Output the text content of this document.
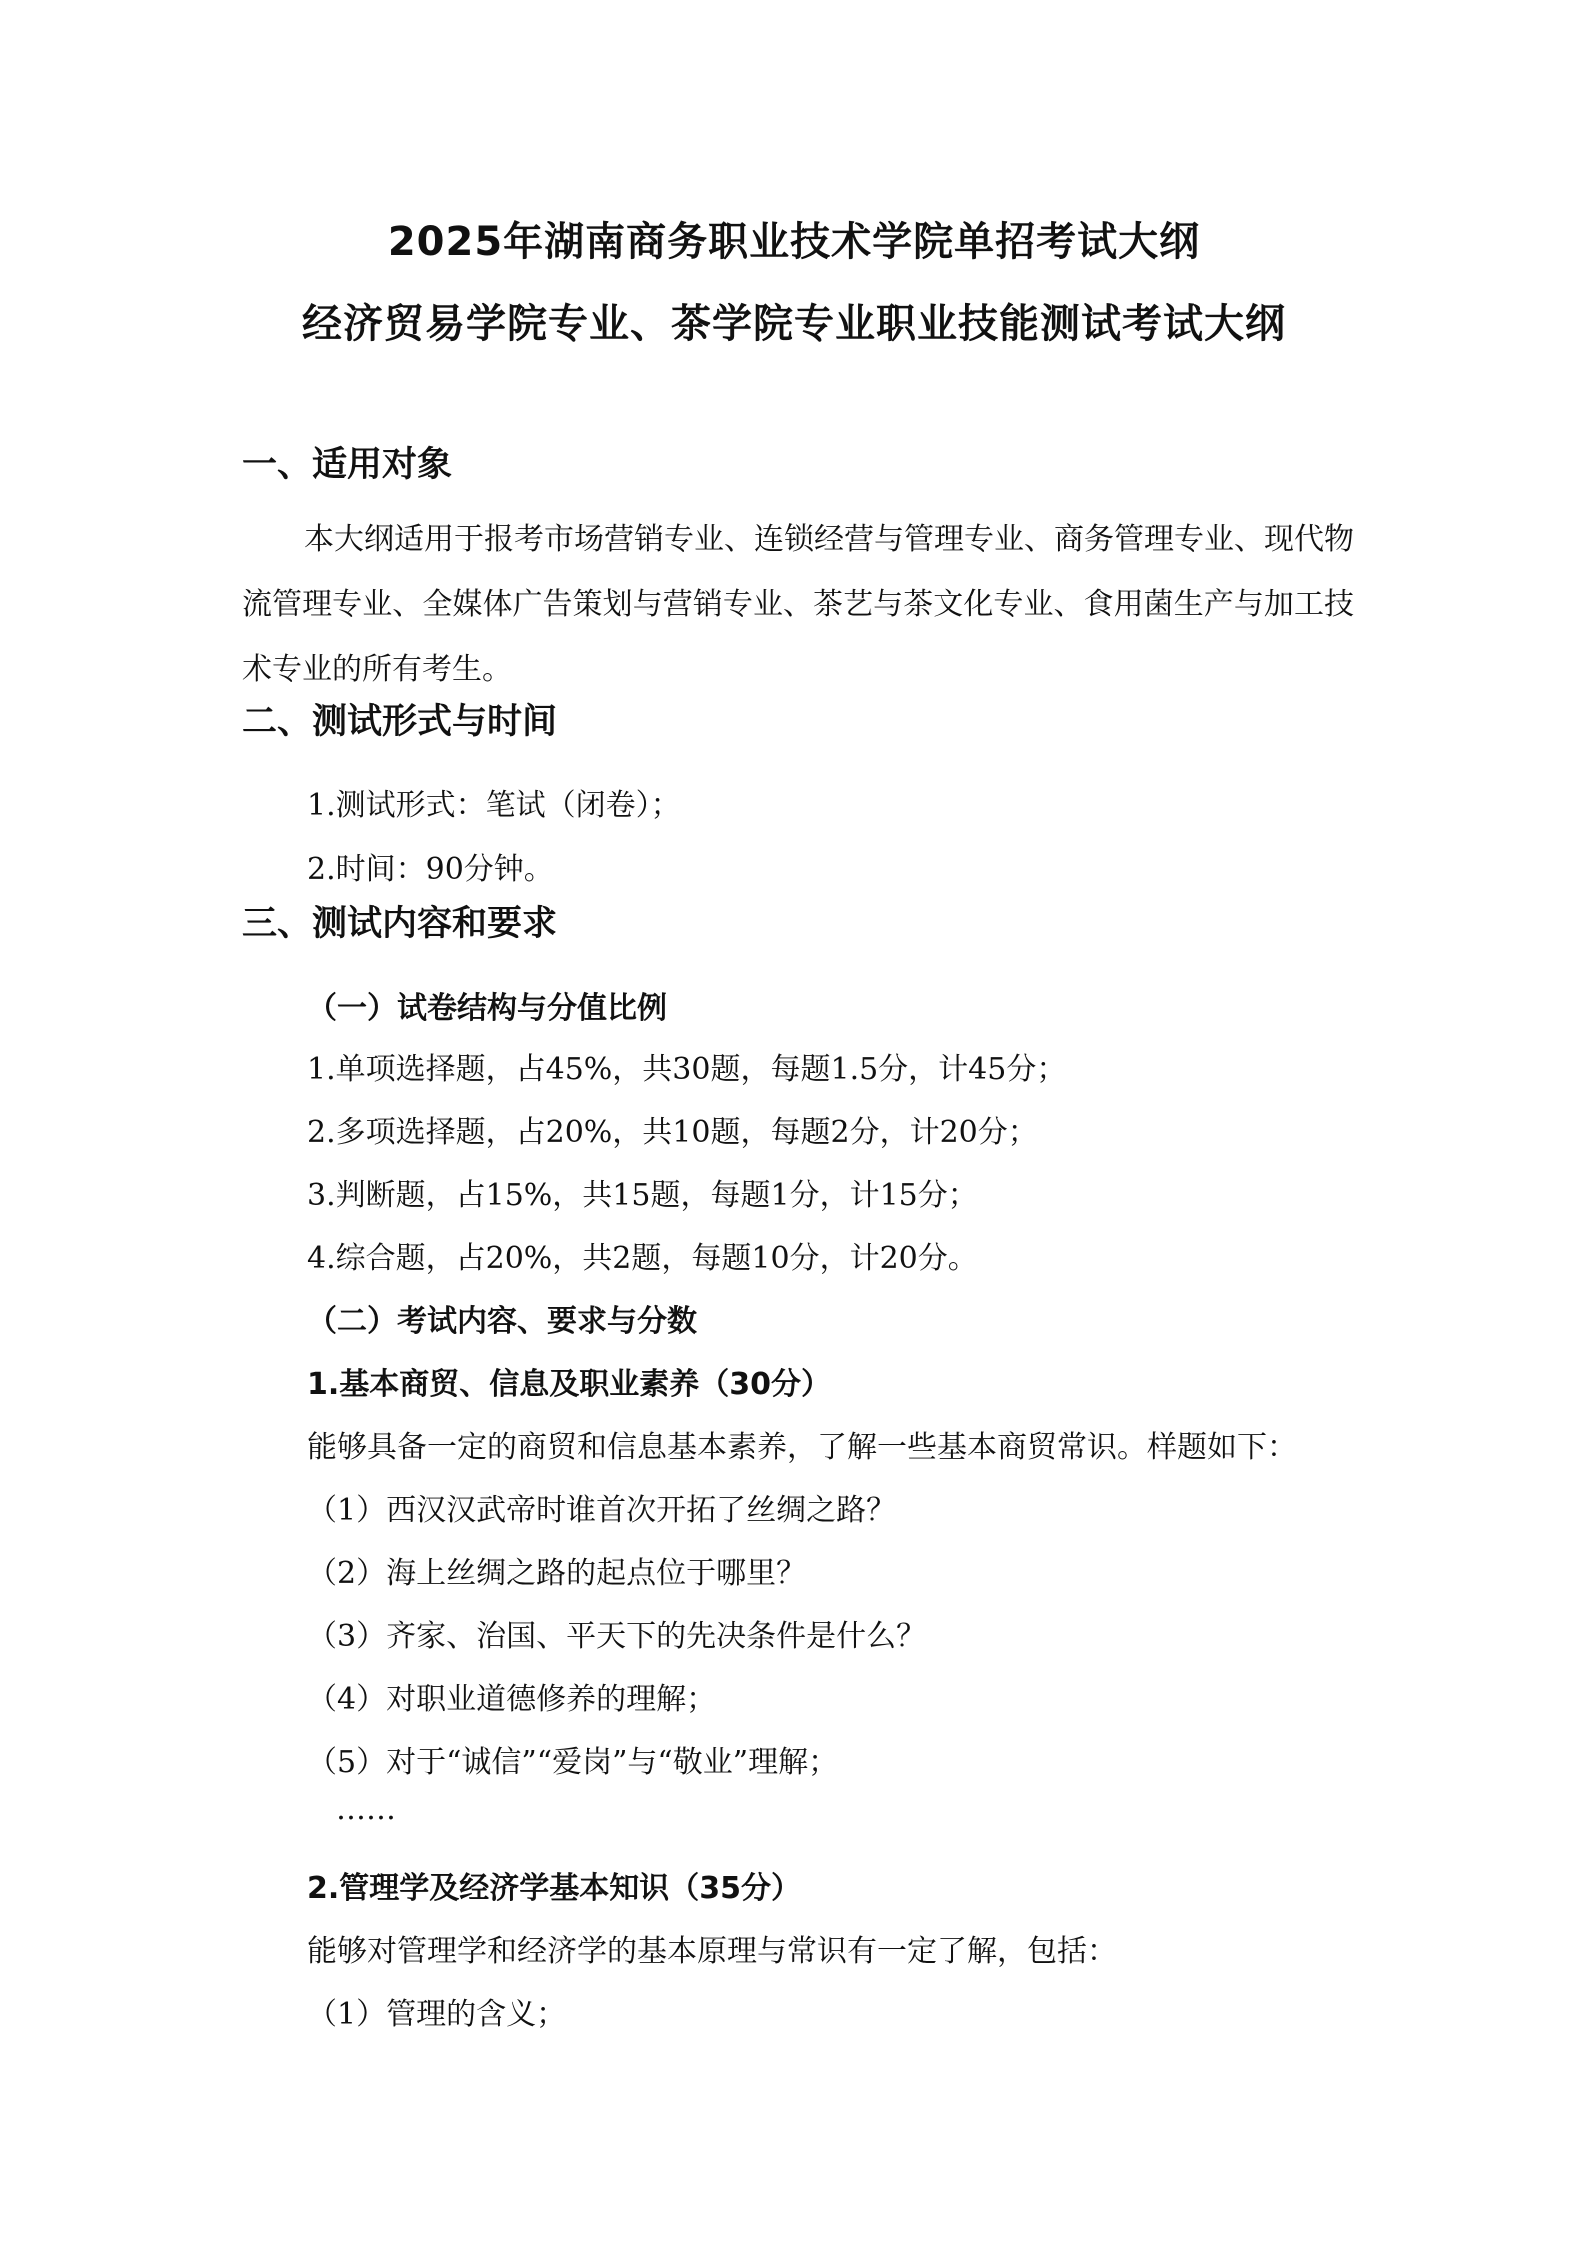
2025年湖南商务职业技术学院单招考试大纲
经济贸易学院专业、茶学院专业职业技能测试考试大纲
一、适用对象
本大纲适用于报考市场营销专业、连锁经营与管理专业、商务管理专业、现代物流管理专业、全媒体广告策划与营销专业、茶艺与茶文化专业、食用菌生产与加工技术专业的所有考生。
二、测试形式与时间
1.测试形式：笔试（闭卷）；
2.时间：90分钟。
三、测试内容和要求
（一）试卷结构与分值比例
1.单项选择题，占45%，共30题，每题1.5分，计45分；
2.多项选择题，占20%，共10题，每题2分，计20分；
3.判断题，占15%，共15题，每题1分，计15分；
4.综合题，占20%，共2题，每题10分，计20分。
（二）考试内容、要求与分数
1.基本商贸、信息及职业素养（30分）
能够具备一定的商贸和信息基本素养，了解一些基本商贸常识。样题如下：
（1）西汉汉武帝时谁首次开拓了丝绸之路？
（2）海上丝绸之路的起点位于哪里？
（3）齐家、治国、平天下的先决条件是什么？
（4）对职业道德修养的理解；
（5）对于“诚信”“爱岗”与“敬业”理解；
……
2.管理学及经济学基本知识（35分）
能够对管理学和经济学的基本原理与常识有一定了解，包括：
（1）管理的含义；
